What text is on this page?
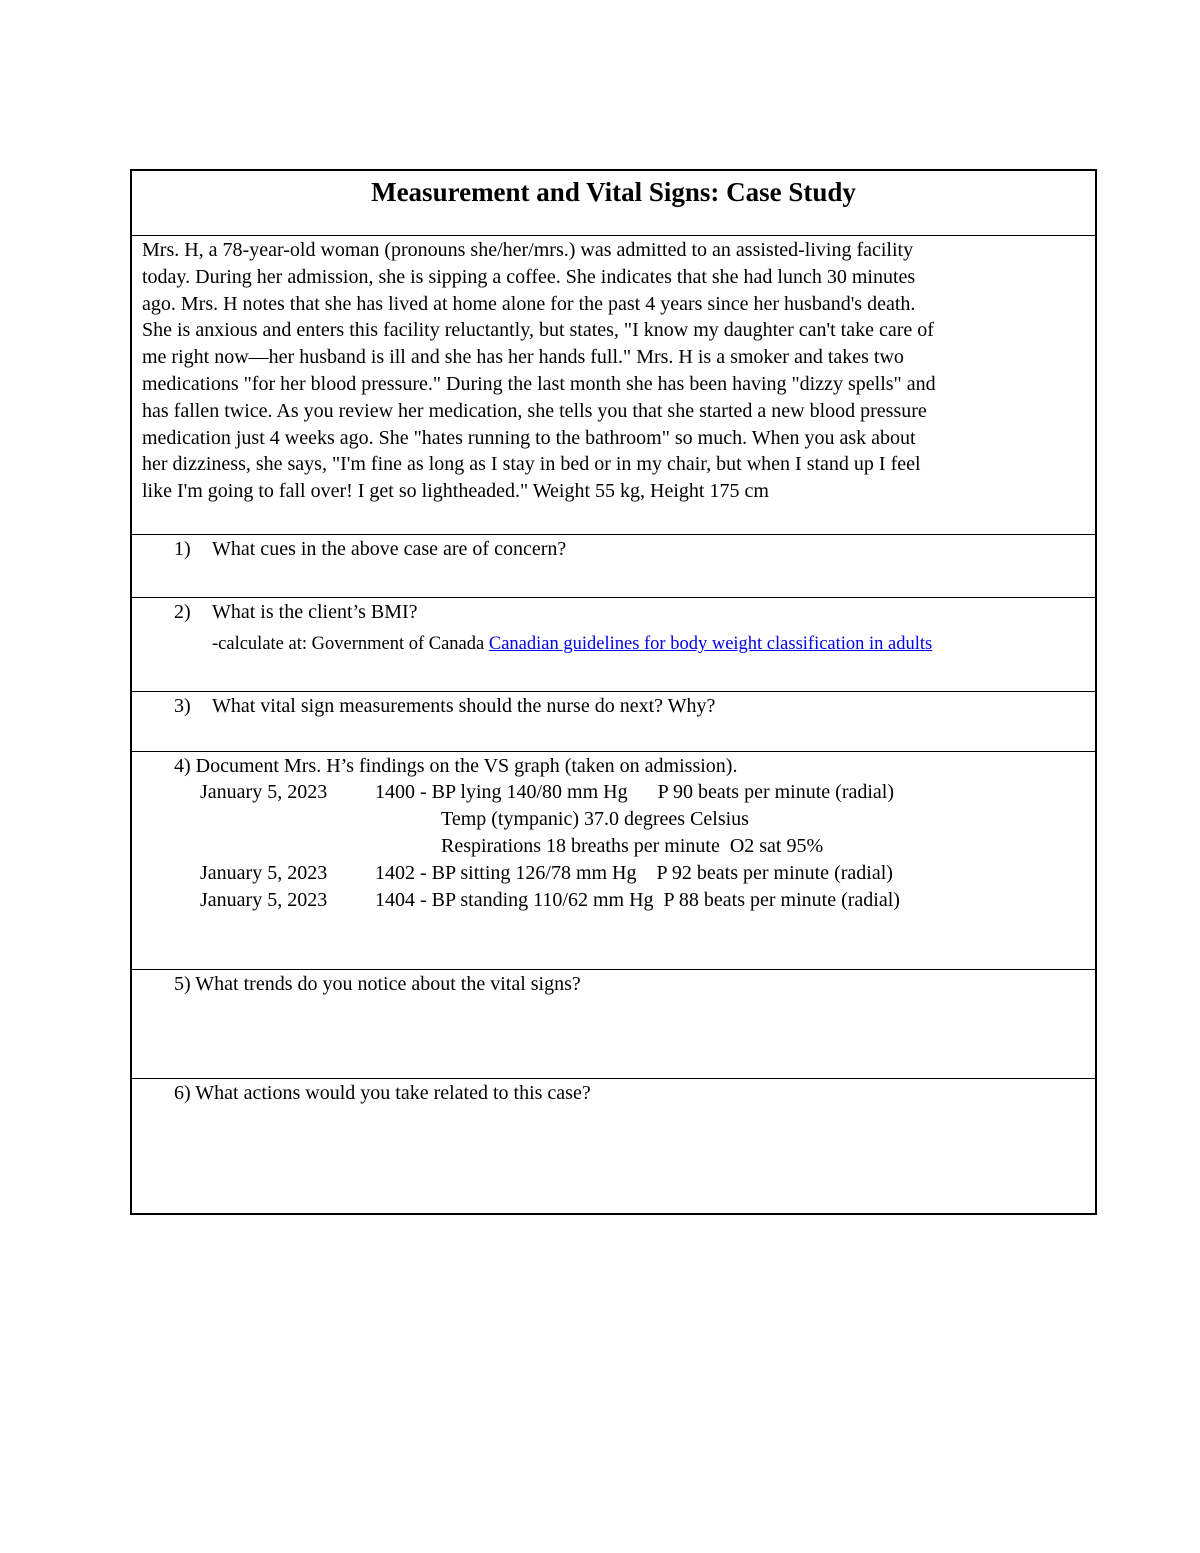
Measurement and Vital Signs: Case Study

Mrs. H, a 78-year-old woman (pronouns she/her/mrs.) was admitted to an assisted-living facility
today. During her admission, she is sipping a coffee. She indicates that she had lunch 30 minutes
ago. Mrs. H notes that she has lived at home alone for the past 4 years since her husband's death.
She is anxious and enters this facility reluctantly, but states, "I know my daughter can't take care of
me right now—her husband is ill and she has her hands full." Mrs. H is a smoker and takes two
medications "for her blood pressure." During the last month she has been having "dizzy spells" and
has fallen twice. As you review her medication, she tells you that she started a new blood pressure
medication just 4 weeks ago. She "hates running to the bathroom" so much. When you ask about
her dizziness, she says, "I'm fine as long as I stay in bed or in my chair, but when I stand up I feel
like I'm going to fall over! I get so lightheaded." Weight 55 kg, Height 175 cm

1) What cues in the above case are of concern?

2) What is the client’s BMI?

-calculate at: Government of Canada Canadian guidelines for body weight classification in adults

3) What vital sign measurements should the nurse do next? Why?

4) Document Mrs. H’s findings on the VS graph (taken on admission).

January 5, 2023	1400 - BP lying 140/80 mm Hg      P 90 beats per minute (radial)
Temp (tympanic) 37.0 degrees Celsius
Respirations 18 breaths per minute  O2 sat 95%
January 5, 2023	1402 - BP sitting 126/78 mm Hg    P 92 beats per minute (radial)
January 5, 2023	1404 - BP standing 110/62 mm Hg  P 88 beats per minute (radial)

5) What trends do you notice about the vital signs?

6) What actions would you take related to this case?
